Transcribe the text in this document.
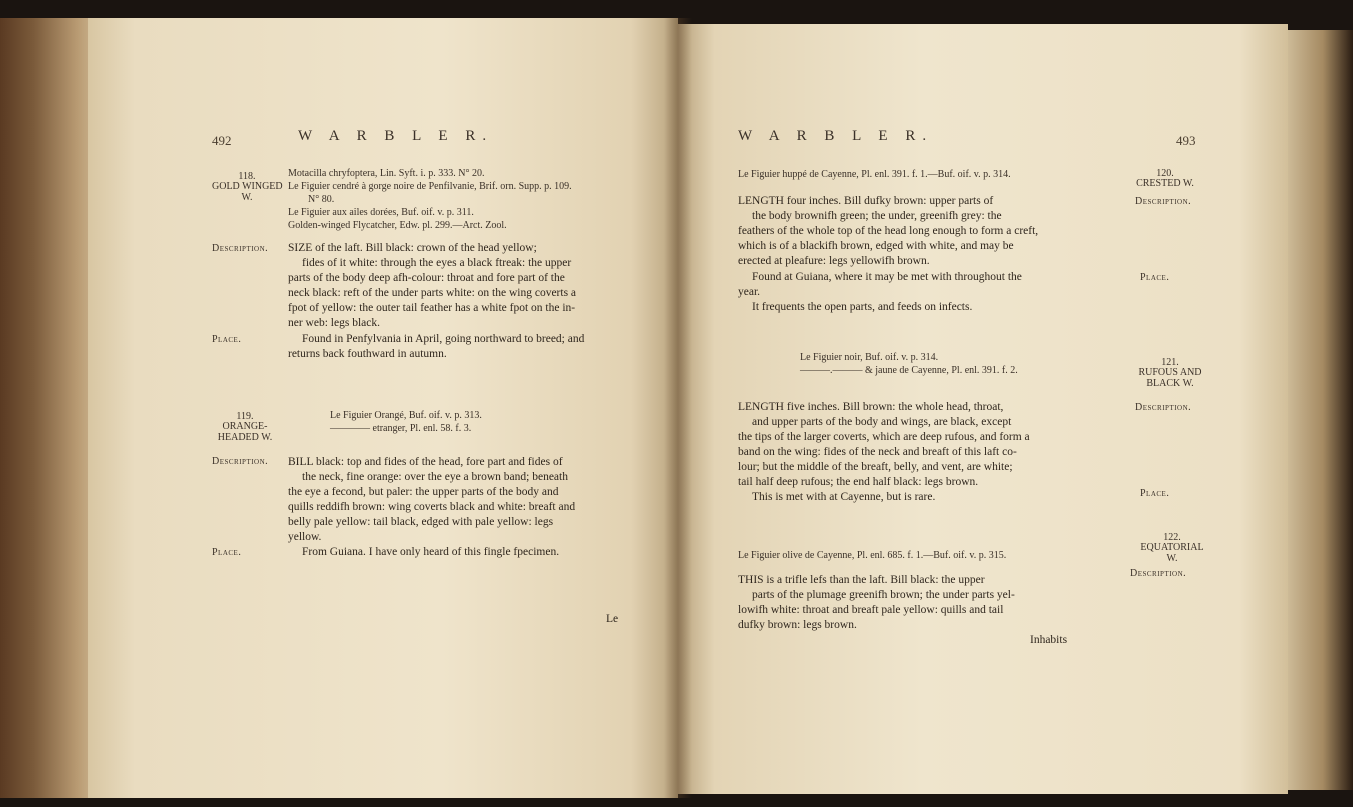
492	W A R B L E R.
118.
GOLD WINGED
W.
Motacilla chryfoptera, Lin. Syft. i. p. 333. N° 20.
Le Figuier cendré à gorge noire de Penfilvanie, Brif. orn. Supp. p. 109.
N° 80.
Le Figuier aux ailes dorées, Buf. oif. v. p. 311.
Golden-winged Flycatcher, Edw. pl. 299.—Arct. Zool.
Description. SIZE of the laft. Bill black: crown of the head yellow;
fides of it white: through the eyes a black ftreak: the upper
parts of the body deep afh-colour: throat and fore part of the
neck black: reft of the under parts white: on the wing coverts a
fpot of yellow: the outer tail feather has a white fpot on the in-
ner web: legs black.
Place.	Found in Penfylvania in April, going northward to breed; and
returns back fouthward in autumn.
119.
ORANGE-
HEADED W.
Le Figuier Orangé, Buf. oif. v. p. 313.
———— etranger, Pl. enl. 58. f. 3.
Description. BILL black: top and fides of the head, fore part and fides of
the neck, fine orange: over the eye a brown band; beneath
the eye a fecond, but paler: the upper parts of the body and
quills reddifh brown: wing coverts black and white: breaft and
belly pale yellow: tail black, edged with pale yellow: legs
yellow.
Place.	From Guiana. I have only heard of this fingle fpecimen.
Le
W A R B L E R.	493
Le Figuier huppé de Cayenne, Pl. enl. 391. f. 1.—Buf. oif. v. p. 314.	120.
CRESTED W.
Description.
LENGTH four inches. Bill dufky brown: upper parts of
the body brownifh green; the under, greenifh grey: the
feathers of the whole top of the head long enough to form a creft,
which is of a blackifh brown, edged with white, and may be
erected at pleafure: legs yellowifh brown.
Place.
Found at Guiana, where it may be met with throughout the
year.
It frequents the open parts, and feeds on infects.
Le Figuier noir, Buf. oif. v. p. 314.
———.——— & jaune de Cayenne, Pl. enl. 391. f. 2.
121.
RUFOUS AND
BLACK W.
Description.
LENGTH five inches. Bill brown: the whole head, throat,
and upper parts of the body and wings, are black, except
the tips of the larger coverts, which are deep rufous, and form a
band on the wing: fides of the neck and breaft of this laft co-
lour; but the middle of the breaft, belly, and vent, are white;
tail half deep rufous; the end half black: legs brown.
Place.
This is met with at Cayenne, but is rare.
Le Figuier olive de Cayenne, Pl. enl. 685. f. 1.—Buf. oif. v. p. 315.
122.
EQUATORIAL
W.
Description.
THIS is a trifle lefs than the laft. Bill black: the upper
parts of the plumage greenifh brown; the under parts yel-
lowifh white: throat and breaft pale yellow: quills and tail
dufky brown: legs brown.
Inhabits
